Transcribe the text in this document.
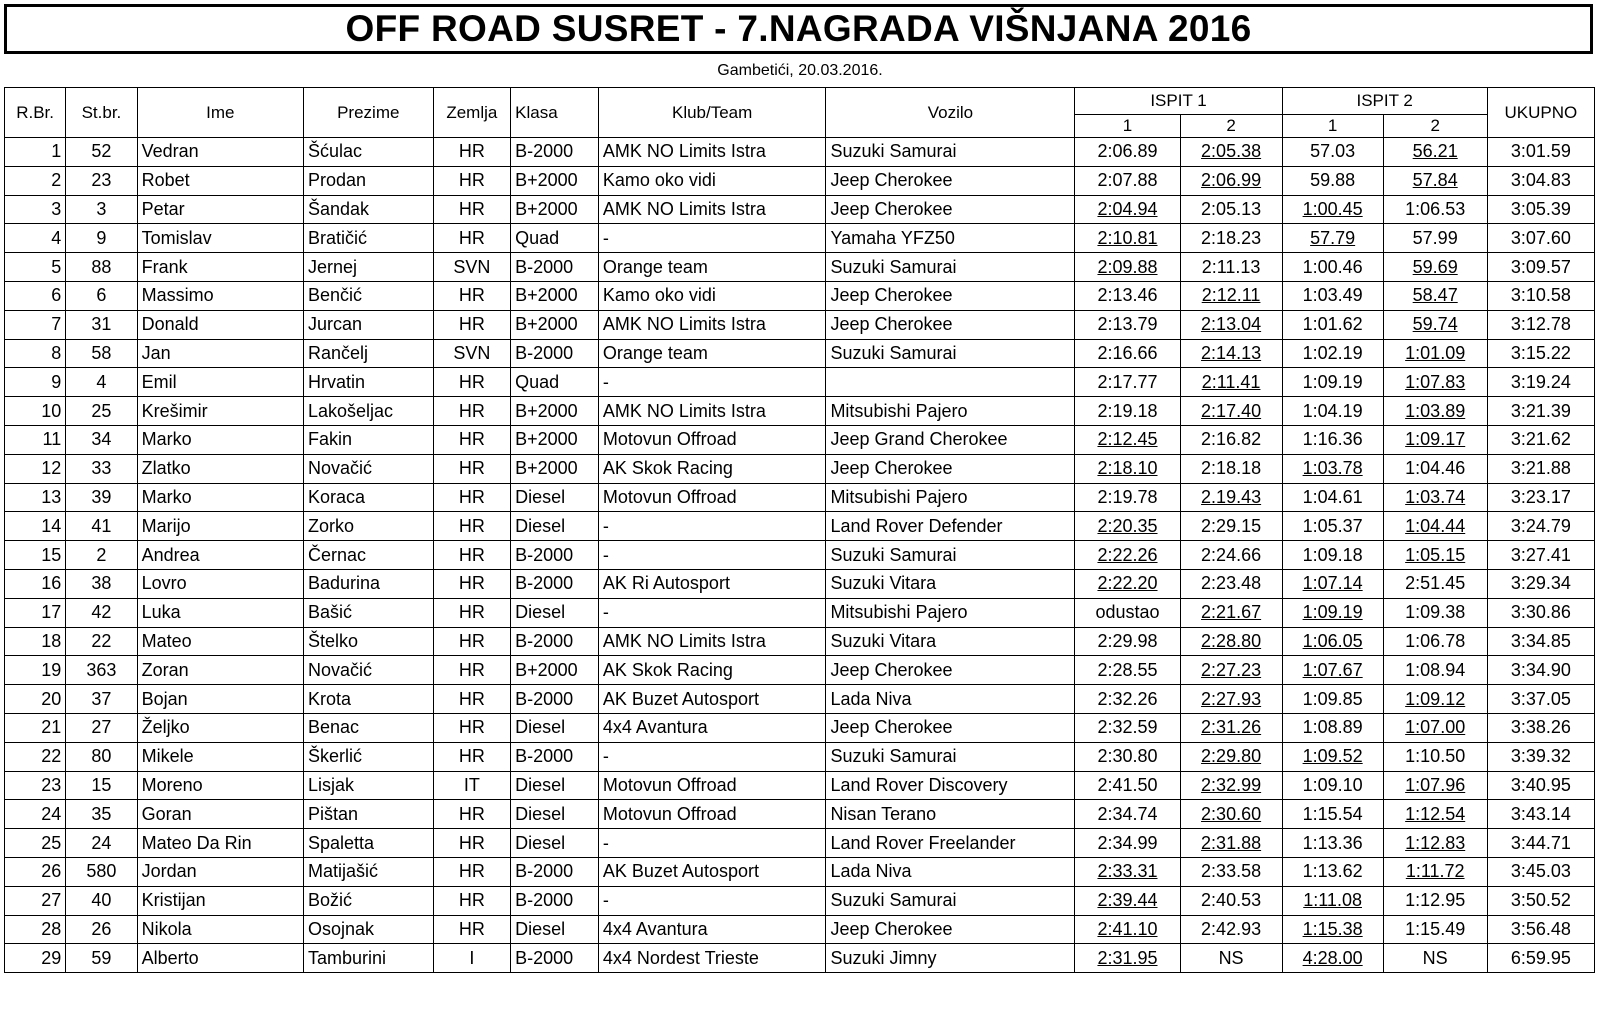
OFF ROAD SUSRET - 7.NAGRADA VIŠNJANA 2016
Gambetići, 20.03.2016.
R.Br.	St.br.	Ime	Prezime	Zemlja	Klasa	Klub/Team	Vozilo	ISPIT 1		ISPIT 2		UKUPNO
								1	2	1	2	
1	52	Vedran	Šćulac	HR	B-2000	AMK NO Limits Istra	Suzuki Samurai	2:06.89	2:05.38	57.03	56.21	3:01.59
2	23	Robet	Prodan	HR	B+2000	Kamo oko vidi	Jeep Cherokee	2:07.88	2:06.99	59.88	57.84	3:04.83
3	3	Petar	Šandak	HR	B+2000	AMK NO Limits Istra	Jeep Cherokee	2:04.94	2:05.13	1:00.45	1:06.53	3:05.39
4	9	Tomislav	Bratičić	HR	Quad	-	Yamaha YFZ50	2:10.81	2:18.23	57.79	57.99	3:07.60
5	88	Frank	Jernej	SVN	B-2000	Orange team	Suzuki Samurai	2:09.88	2:11.13	1:00.46	59.69	3:09.57
6	6	Massimo	Benčić	HR	B+2000	Kamo oko vidi	Jeep Cherokee	2:13.46	2:12.11	1:03.49	58.47	3:10.58
7	31	Donald	Jurcan	HR	B+2000	AMK NO Limits Istra	Jeep Cherokee	2:13.79	2:13.04	1:01.62	59.74	3:12.78
8	58	Jan	Rančelj	SVN	B-2000	Orange team	Suzuki Samurai	2:16.66	2:14.13	1:02.19	1:01.09	3:15.22
9	4	Emil	Hrvatin	HR	Quad	-		2:17.77	2:11.41	1:09.19	1:07.83	3:19.24
10	25	Krešimir	Lakošeljac	HR	B+2000	AMK NO Limits Istra	Mitsubishi Pajero	2:19.18	2:17.40	1:04.19	1:03.89	3:21.39
11	34	Marko	Fakin	HR	B+2000	Motovun Offroad	Jeep Grand Cherokee	2:12.45	2:16.82	1:16.36	1:09.17	3:21.62
12	33	Zlatko	Novačić	HR	B+2000	AK Skok Racing	Jeep Cherokee	2:18.10	2:18.18	1:03.78	1:04.46	3:21.88
13	39	Marko	Koraca	HR	Diesel	Motovun Offroad	Mitsubishi Pajero	2:19.78	2.19.43	1:04.61	1:03.74	3:23.17
14	41	Marijo	Zorko	HR	Diesel	-	Land Rover Defender	2:20.35	2:29.15	1:05.37	1:04.44	3:24.79
15	2	Andrea	Černac	HR	B-2000	-	Suzuki Samurai	2:22.26	2:24.66	1:09.18	1:05.15	3:27.41
16	38	Lovro	Badurina	HR	B-2000	AK Ri Autosport	Suzuki Vitara	2:22.20	2:23.48	1:07.14	2:51.45	3:29.34
17	42	Luka	Bašić	HR	Diesel	-	Mitsubishi Pajero	odustao	2:21.67	1:09.19	1:09.38	3:30.86
18	22	Mateo	Štelko	HR	B-2000	AMK NO Limits Istra	Suzuki Vitara	2:29.98	2:28.80	1:06.05	1:06.78	3:34.85
19	363	Zoran	Novačić	HR	B+2000	AK Skok Racing	Jeep Cherokee	2:28.55	2:27.23	1:07.67	1:08.94	3:34.90
20	37	Bojan	Krota	HR	B-2000	AK Buzet Autosport	Lada Niva	2:32.26	2:27.93	1:09.85	1:09.12	3:37.05
21	27	Željko	Benac	HR	Diesel	4x4 Avantura	Jeep Cherokee	2:32.59	2:31.26	1:08.89	1:07.00	3:38.26
22	80	Mikele	Škerlić	HR	B-2000	-	Suzuki Samurai	2:30.80	2:29.80	1:09.52	1:10.50	3:39.32
23	15	Moreno	Lisjak	IT	Diesel	Motovun Offroad	Land Rover Discovery	2:41.50	2:32.99	1:09.10	1:07.96	3:40.95
24	35	Goran	Pištan	HR	Diesel	Motovun Offroad	Nisan Terano	2:34.74	2:30.60	1:15.54	1:12.54	3:43.14
25	24	Mateo Da Rin	Spaletta	HR	Diesel	-	Land Rover Freelander	2:34.99	2:31.88	1:13.36	1:12.83	3:44.71
26	580	Jordan	Matijašić	HR	B-2000	AK Buzet Autosport	Lada Niva	2:33.31	2:33.58	1:13.62	1:11.72	3:45.03
27	40	Kristijan	Božić	HR	B-2000	-	Suzuki Samurai	2:39.44	2:40.53	1:11.08	1:12.95	3:50.52
28	26	Nikola	Osojnak	HR	Diesel	4x4 Avantura	Jeep Cherokee	2:41.10	2:42.93	1:15.38	1:15.49	3:56.48
29	59	Alberto	Tamburini	I	B-2000	4x4 Nordest Trieste	Suzuki Jimny	2:31.95	NS	4:28.00	NS	6:59.95
